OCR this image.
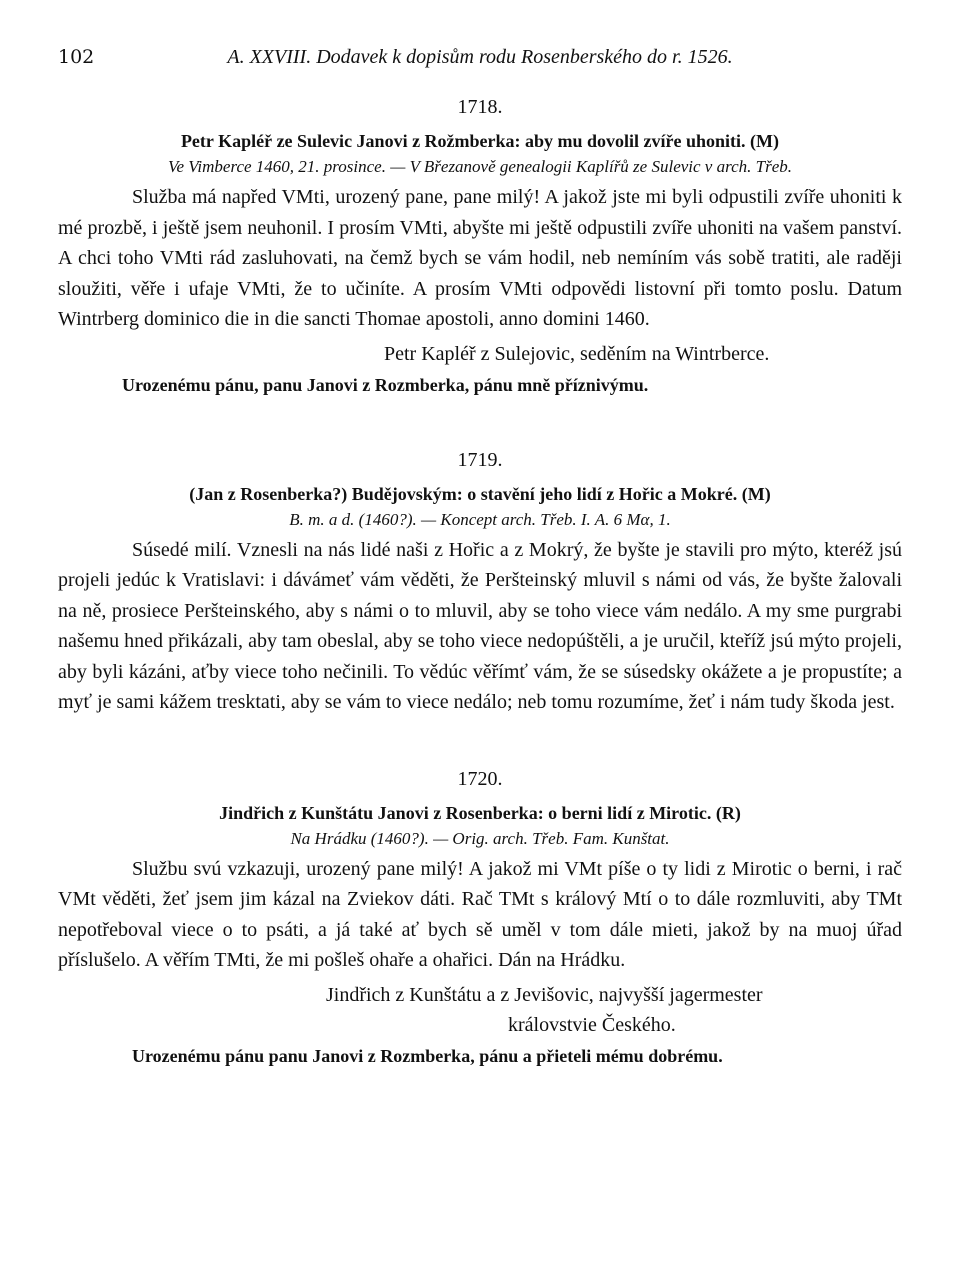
102	A. XXVIII. Dodavek k dopisům rodu Rosenberského do r. 1526.
1718.
Petr Kapléř ze Sulevic Janovi z Rožmberka: aby mu dovolil zvíře uhoniti. (M)
Ve Vimberce 1460, 21. prosince. — V Březanově genealogii Kaplířů ze Sulevic v arch. Třeb.

Služba má napřed VMti, urozený pane, pane milý! A jakož jste mi byli odpustili zvíře uhoniti k mé prozbě, i ještě jsem neuhonil. I prosím VMti, abyšte mi ještě odpustili zvíře uhoniti na vašem panství. A chci toho VMti rád zasluhovati, na čemž bych se vám hodil, neb nemíním vás sobě tratiti, ale raději sloužiti, věře i ufaje VMti, že to učiníte. A prosím VMti odpovědi listovní při tomto poslu. Datum Wintrberg dominico die in die sancti Thomae apostoli, anno domini 1460.

Petr Kapléř z Sulejovic, seděním na Wintrberce.
Urozenému pánu, panu Janovi z Rozmberka, pánu mně příznivýmu.
1719.
(Jan z Rosenberka?) Budějovským: o stavění jeho lidí z Hořic a Mokré. (M)
B. m. a d. (1460?). — Koncept arch. Třeb. I. A. 6 Mα, 1.

Súsedé milí. Vznesli na nás lidé naši z Hořic a z Mokrý, že byšte je stavili pro mýto, kteréž jsú projeli jedúc k Vratislavi: i dávámeť vám věděti, že Peršteinský mluvil s námi od vás, že byšte žalovali na ně, prosiece Peršteinského, aby s námi o to mluvil, aby se toho viece vám nedálo. A my sme purgrabi našemu hned přikázali, aby tam obeslal, aby se toho viece nedopúštěli, a je uručil, kteříž jsú mýto projeli, aby byli kázáni, aťby viece toho nečinili. To vědúc věřímť vám, že se súsedsky okážete a je propustíte; a myť je sami kážem tresktati, aby se vám to viece nedálo; neb tomu rozumíme, žeť i nám tudy škoda jest.

1720.
Jindřich z Kunštátu Janovi z Rosenberka: o berni lidí z Mirotic. (R)
Na Hrádku (1460?). — Orig. arch. Třeb. Fam. Kunštat.

Službu svú vzkazuji, urozený pane milý! A jakož mi VMt píše o ty lidi z Mirotic o berni, i rač VMt věděti, žeť jsem jim kázal na Zviekov dáti. Rač TMt s králový Mtí o to dále rozmluviti, aby TMt nepotřeboval viece o to psáti, a já také ať bych sě uměl v tom dále mieti, jakož by na muoj úřad příslušelo. A věřím TMti, že mi pošleš ohaře a ohařici. Dán na Hrádku.

Jindřich z Kunštátu a z Jevišovic, najvyšší jagermester
královstvie Českého.
Urozenému pánu panu Janovi z Rozmberka, pánu a přieteli mému dobrému.
